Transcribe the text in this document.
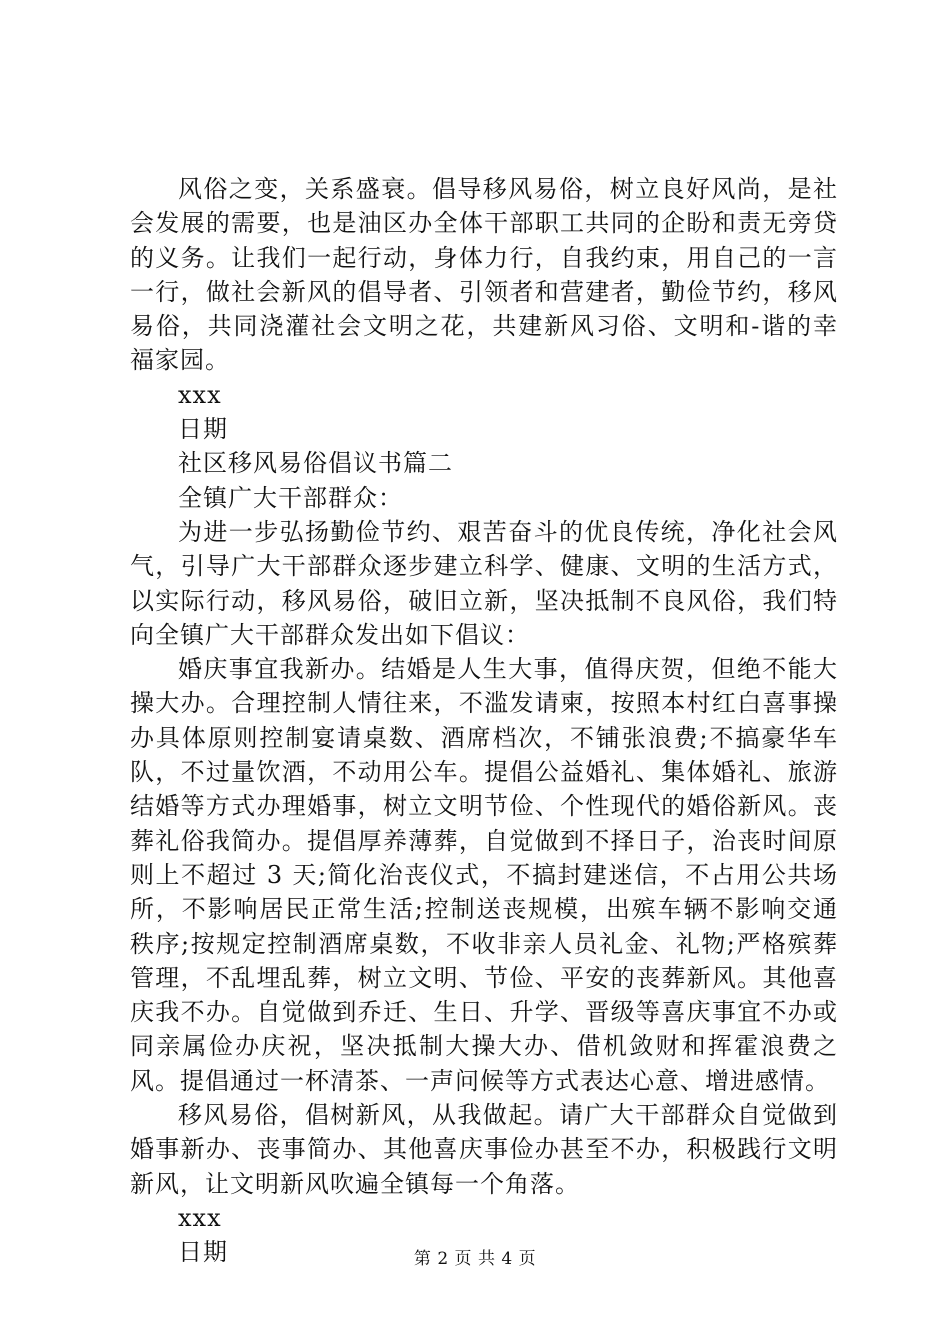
风俗之变，关系盛衰。倡导移风易俗，树立良好风尚，是社会发展的需要，也是油区办全体干部职工共同的企盼和责无旁贷的义务。让我们一起行动，身体力行，自我约束，用自己的一言一行，做社会新风的倡导者、引领者和营建者，勤俭节约，移风易俗，共同浇灌社会文明之花，共建新风习俗、文明和-谐的幸福家园。

xxx

日期

社区移风易俗倡议书篇二

全镇广大干部群众：

为进一步弘扬勤俭节约、艰苦奋斗的优良传统，净化社会风气，引导广大干部群众逐步建立科学、健康、文明的生活方式，以实际行动，移风易俗，破旧立新，坚决抵制不良风俗，我们特向全镇广大干部群众发出如下倡议：

婚庆事宜我新办。结婚是人生大事，值得庆贺，但绝不能大操大办。合理控制人情往来，不滥发请柬，按照本村红白喜事操办具体原则控制宴请桌数、酒席档次，不铺张浪费;不搞豪华车队，不过量饮酒，不动用公车。提倡公益婚礼、集体婚礼、旅游结婚等方式办理婚事，树立文明节俭、个性现代的婚俗新风。丧葬礼俗我简办。提倡厚养薄葬，自觉做到不择日子，治丧时间原则上不超过 3 天;简化治丧仪式，不搞封建迷信，不占用公共场所，不影响居民正常生活;控制送丧规模，出殡车辆不影响交通秩序;按规定控制酒席桌数，不收非亲人员礼金、礼物;严格殡葬管理，不乱埋乱葬，树立文明、节俭、平安的丧葬新风。其他喜庆我不办。自觉做到乔迁、生日、升学、晋级等喜庆事宜不办或同亲属俭办庆祝，坚决抵制大操大办、借机敛财和挥霍浪费之风。提倡通过一杯清茶、一声问候等方式表达心意、增进感情。

移风易俗，倡树新风，从我做起。请广大干部群众自觉做到婚事新办、丧事简办、其他喜庆事俭办甚至不办，积极践行文明新风，让文明新风吹遍全镇每一个角落。

xxx

日期	第 2 页 共 4 页
